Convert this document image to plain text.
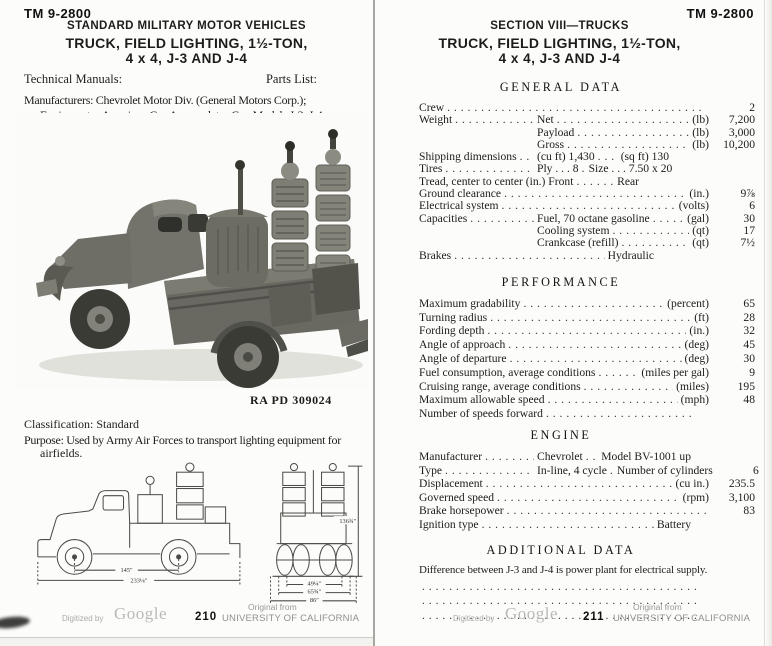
TM 9-2800
STANDARD MILITARY MOTOR VEHICLES
TRUCK, FIELD LIGHTING, 1½-TON,
4 x 4, J-3 AND J-4
Technical Manuals:	Parts List:
Manufacturers: Chevrolet Motor Div. (General Motors Corp.);
RA PD 309024
Classification: Standard
Purpose: Used by Army Air Forces to transport lighting equipment for
airfields.
145″
233⅛″
136¾″
49¼″
65¾″
86″
Digitized by Google 210
Original from
UNIVERSITY OF CALIFORNIA
TM 9-2800
SECTION VIII—TRUCKS
TRUCK, FIELD LIGHTING, 1½-TON,
4 x 4, J-3 AND J-4
GENERAL DATA
Crew . . .	2
Weight . . .	Net . . .	(lb)	7,200
Payload . . .	(lb)	3,000
Gross . . .	(lb)	10,200
Shipping dimensions . . . (cu ft) 1,430 . . . (sq ft) 130
Tires . . .	Ply . . . 8 . . . Size . . . 7.50 x 20
Tread, center to center (in.) Front . . .	Rear
Ground clearance . . .	(in.)	9⅞
Electrical system . . .	(volts)	6
Capacities . . .	Fuel, 70 octane gasoline . . .	(gal)	30
Cooling system . . .	(qt)	17
Crankcase (refill) . . .	(qt)	7½
Brakes . . .	Hydraulic
PERFORMANCE
Maximum gradability . . .	(percent)	65
Turning radius . . .	(ft)	28
Fording depth . . .	(in.)	32
Angle of approach . . .	(deg)	45
Angle of departure . . .	(deg)	30
Fuel consumption, average conditions . . .	(miles per gal)	9
Cruising range, average conditions . . .	(miles)	195
Maximum allowable speed . . .	(mph)	48
Number of speeds forward
. . .
ENGINE
Manufacturer . . .	Chevrolet . . . Model BV-1001 up
Type . . .	In-line, 4 cycle . . . Number of cylinders	6
Displacement . . .	(cu in.)	235.5
Governed speed . . .	(rpm)	3,100
Brake horsepower . . .	83
Ignition type . . .	Battery
ADDITIONAL DATA
Difference between J-3 and J-4 is power plant for electrical supply.
. . .
. . .
. . .
Digitized by Google 211
Original from
UNIVERSITY OF CALIFORNIA
